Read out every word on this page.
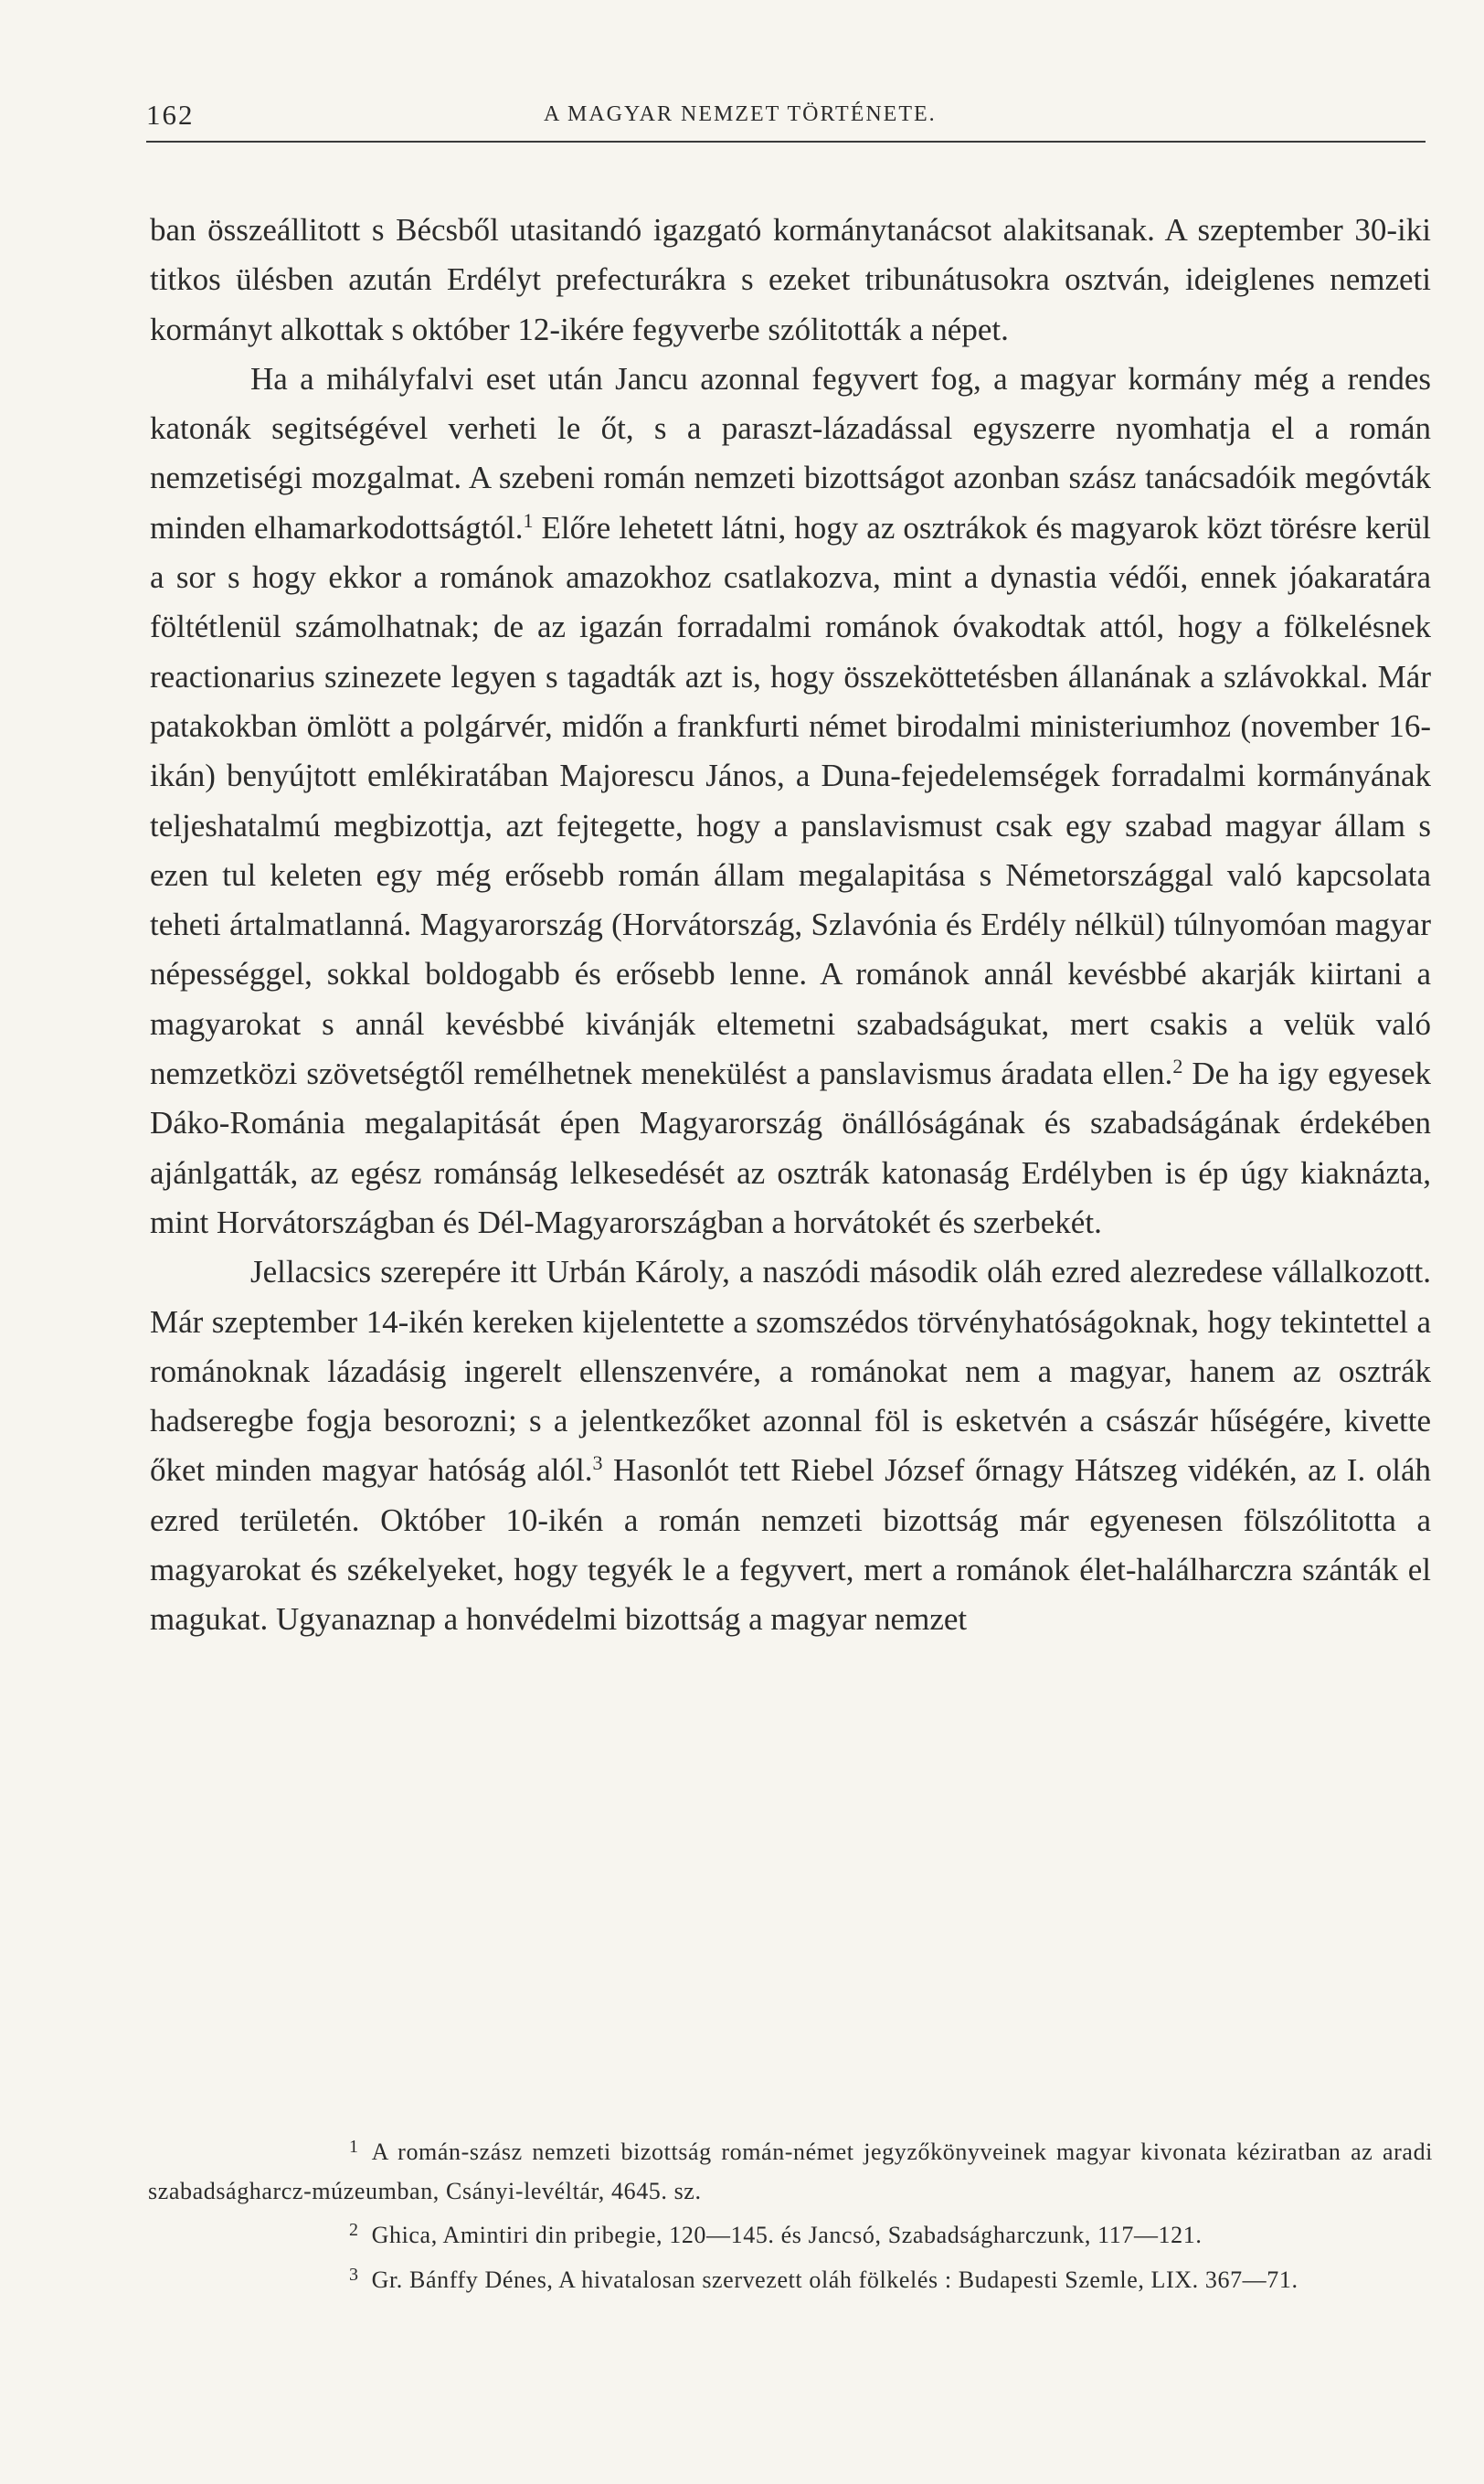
162	A MAGYAR NEMZET TÖRTÉNETE.

ban összeállitott s Bécsből utasitandó igazgató kormánytanácsot alakitsanak. A szeptember 30-iki titkos ülésben azután Erdélyt prefecturákra s ezeket tribunátusokra osztván, ideiglenes nemzeti kormányt alkottak s október 12-ikére fegyverbe szólitották a népet.

Ha a mihályfalvi eset után Jancu azonnal fegyvert fog, a magyar kormány még a rendes katonák segitségével verheti le őt, s a paraszt-lázadással egyszerre nyomhatja el a román nemzetiségi mozgalmat. A szebeni román nemzeti bizottságot azonban szász tanácsadóik megóvták minden elhamarkodottságtól.$^1$ Előre lehetett látni, hogy az osztrákok és magyarok közt törésre kerül a sor s hogy ekkor a románok amazokhoz csatlakozva, mint a dynastia védői, ennek jóakaratára föltétlenül számolhatnak; de az igazán forradalmi románok óvakodtak attól, hogy a fölkelésnek reactionarius szinezete legyen s tagadták azt is, hogy összeköttetésben állanának a szlávokkal. Már patakokban ömlött a polgárvér, midőn a frankfurti német birodalmi ministeriumhoz (november 16-ikán) benyújtott emlékiratában Majorescu János, a Duna-fejedelemségek forradalmi kormányának teljeshatalmú megbizottja, azt fejtegette, hogy a panslavismust csak egy szabad magyar állam s ezen tul keleten egy még erősebb román állam megalapitása s Németországgal való kapcsolata teheti ártalmatlanná. Magyarország (Horvátország, Szlavónia és Erdély nélkül) túlnyomóan magyar népességgel, sokkal boldogabb és erősebb lenne. A románok annál kevésbbé akarják kiirtani a magyarokat s annál kevésbbé kivánják eltemetni szabadságukat, mert csakis a velük való nemzetközi szövetségtől remélhetnek menekülést a panslavismus áradata ellen.$^2$ De ha igy egyesek Dáko-Románia megalapitását épen Magyarország önállóságának és szabadságának érdekében ajánlgatták, az egész románság lelkesedését az osztrák katonaság Erdélyben is ép úgy kiaknázta, mint Horvátországban és Dél-Magyarországban a horvátokét és szerbekét.

Jellacsics szerepére itt Urbán Károly, a naszódi második oláh ezred alezredese vállalkozott. Már szeptember 14-ikén kereken kijelentette a szomszédos törvényhatóságoknak, hogy tekintettel a románoknak lázadásig ingerelt ellenszenvére, a románokat nem a magyar, hanem az osztrák hadseregbe fogja besorozni; s a jelentkezőket azonnal föl is esketvén a császár hűségére, kivette őket minden magyar hatóság alól.$^3$ Hasonlót tett Riebel József őrnagy Hátszeg vidékén, az I. oláh ezred területén. Október 10-ikén a román nemzeti bizottság már egyenesen fölszólitotta a magyarokat és székelyeket, hogy tegyék le a fegyvert, mert a románok élet-halálharczra szánták el magukat. Ugyanaznap a honvédelmi bizottság a magyar nemzet

1 A román-szász nemzeti bizottság román-német jegyzőkönyveinek magyar kivonata kéziratban az aradi szabadságharcz-múzeumban, Csányi-levéltár, 4645. sz.

2 Ghica, Amintiri din pribegie, 120—145. és Jancsó, Szabadságharczunk, 117—121.

3 Gr. Bánffy Dénes, A hivatalosan szervezett oláh fölkelés : Budapesti Szemle, LIX. 367—71.
